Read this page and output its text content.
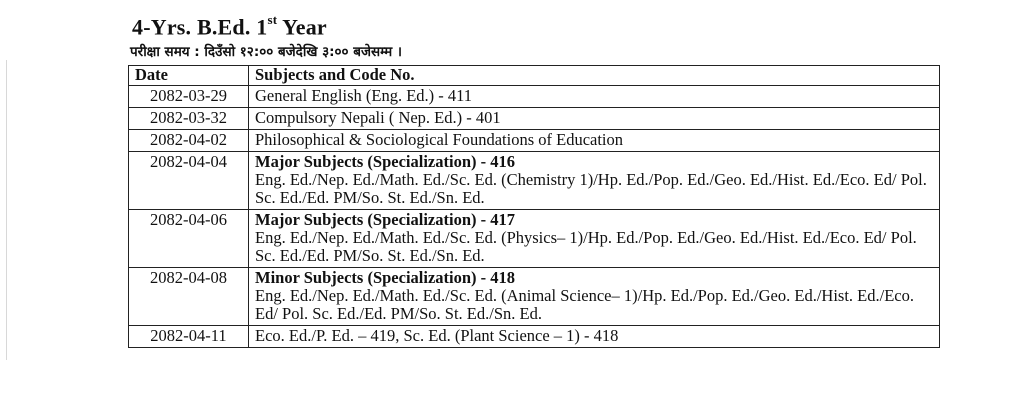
4-Yrs. B.Ed. 1st Year
परीक्षा समय : दिउँसो १२:०० बजेदेखि ३:०० बजेसम्म ।
Date	Subjects and Code No.
2082-03-29	General English (Eng. Ed.) - 411

2082-03-32	Compulsory Nepali ( Nep. Ed.) - 401

2082-04-02	Philosophical & Sociological Foundations of Education

2082-04-04	Major Subjects (Specialization) - 416
Eng. Ed./Nep. Ed./Math. Ed./Sc. Ed. (Chemistry 1)/Hp. Ed./Pop. Ed./Geo. Ed./Hist. Ed./Eco. Ed/ Pol. Sc. Ed./Ed. PM/So. St. Ed./Sn. Ed.

2082-04-06	Major Subjects (Specialization) - 417
Eng. Ed./Nep. Ed./Math. Ed./Sc. Ed. (Physics– 1)/Hp. Ed./Pop. Ed./Geo. Ed./Hist. Ed./Eco. Ed/ Pol. Sc. Ed./Ed. PM/So. St. Ed./Sn. Ed.

2082-04-08	Minor Subjects (Specialization) - 418
Eng. Ed./Nep. Ed./Math. Ed./Sc. Ed. (Animal Science– 1)/Hp. Ed./Pop. Ed./Geo. Ed./Hist. Ed./Eco. Ed/ Pol. Sc. Ed./Ed. PM/So. St. Ed./Sn. Ed.

2082-04-11	Eco. Ed./P. Ed. – 419, Sc. Ed. (Plant Science – 1) - 418
